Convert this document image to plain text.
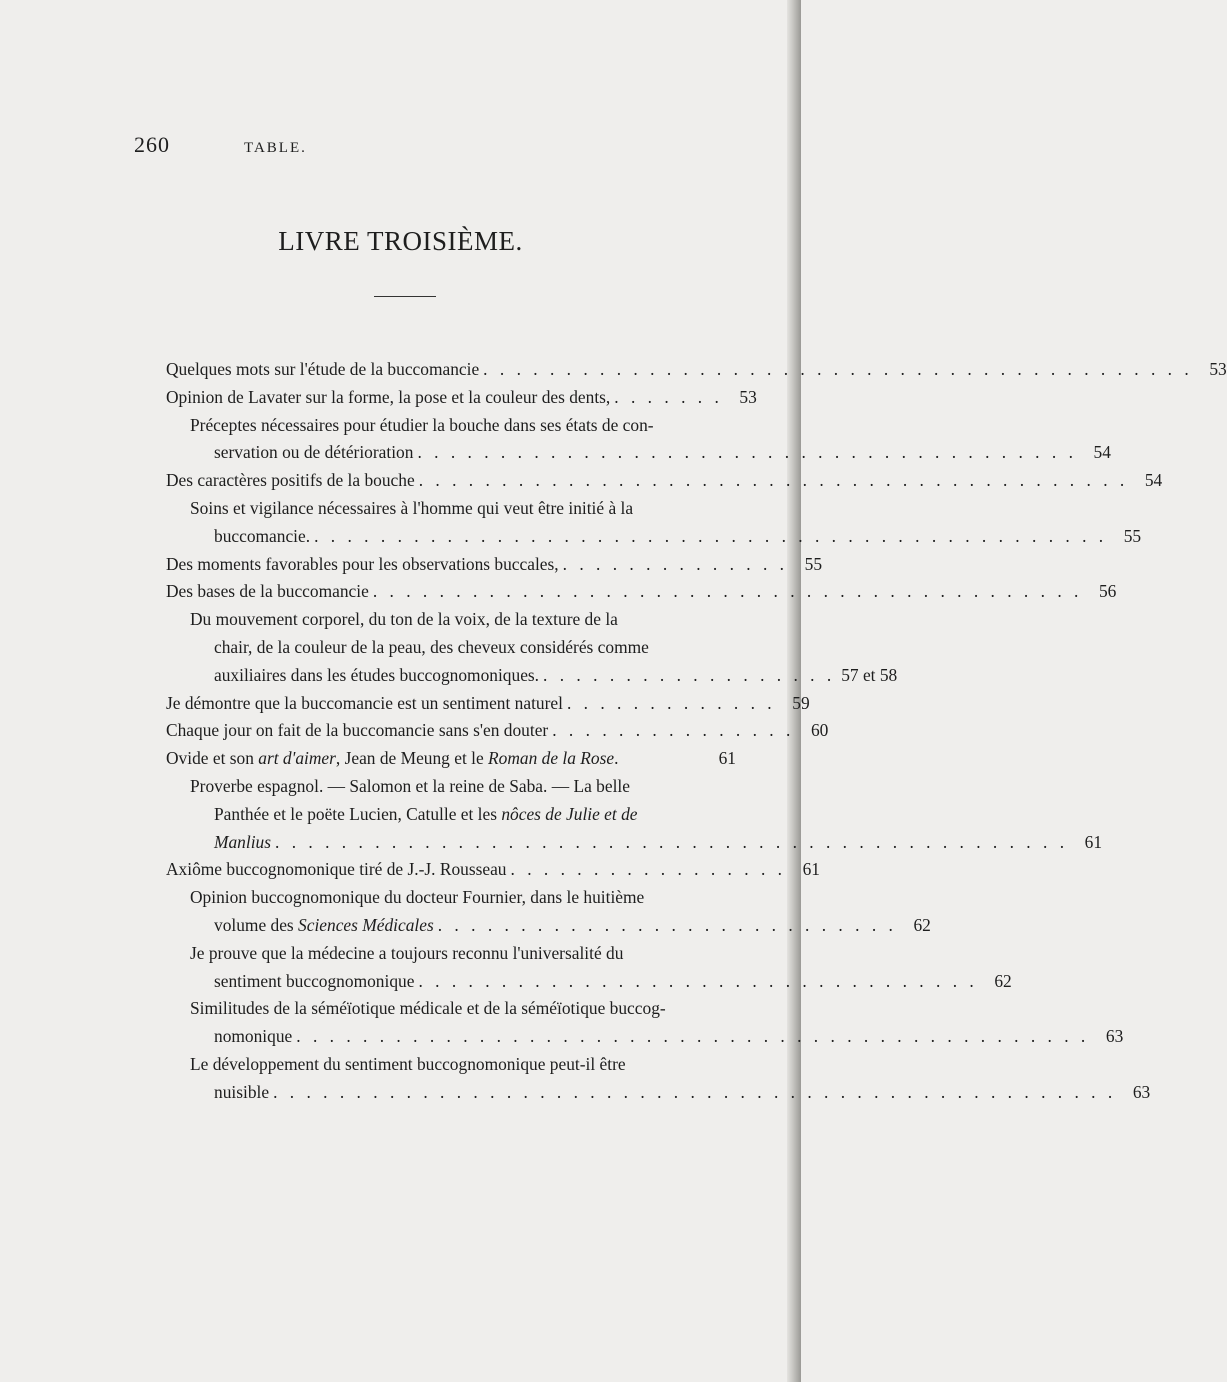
260	TABLE.
LIVRE TROISIÈME.
Quelques mots sur l'étude de la buccomancie . . . . . . . . . . . . . . . . . . . . . . . . . . . . . . . . . . . . . . . . . . . 53
Opinion de Lavater sur la forme, la pose et la couleur des dents, . . . . . . . 53
Préceptes nécessaires pour étudier la bouche dans ses états de con-
servation ou de détérioration . . . . . . . . . . . . . . . . . . . . . . . . . . . . . . . . . . . . . . . . 54
Des caractères positifs de la bouche . . . . . . . . . . . . . . . . . . . . . . . . . . . . . . . . . . . . . . . . . . . 54
Soins et vigilance nécessaires à l'homme qui veut être initié à la
buccomancie. . . . . . . . . . . . . . . . . . . . . . . . . . . . . . . . . . . . . . . . . . . . . . . . . 55
Des moments favorables pour les observations buccales, . . . . . . . . . . . . . . 55
Des bases de la buccomancie . . . . . . . . . . . . . . . . . . . . . . . . . . . . . . . . . . . . . . . . . . . 56
Du mouvement corporel, du ton de la voix, de la texture de la
chair, de la couleur de la peau, des cheveux considérés comme
auxiliaires dans les études buccognomoniques. . . . . . . . . . . . . . . . . . . 57 et 58
Je démontre que la buccomancie est un sentiment naturel . . . . . . . . . . . . . 59
Chaque jour on fait de la buccomancie sans s'en douter . . . . . . . . . . . . . . . 60
Ovide et son art d'aimer, Jean de Meung et le Roman de la Rose.	61
Proverbe espagnol. — Salomon et la reine de Saba. — La belle
Panthée et le poëte Lucien, Catulle et les nôces de Julie et de
Manlius . . . . . . . . . . . . . . . . . . . . . . . . . . . . . . . . . . . . . . . . . . . . . . . . 61
Axiôme buccognomonique tiré de J.-J. Rousseau . . . . . . . . . . . . . . . . . 61
Opinion buccognomonique du docteur Fournier, dans le huitième
volume des Sciences Médicales . . . . . . . . . . . . . . . . . . . . . . . . . . . . 62
Je prouve que la médecine a toujours reconnu l'universalité du
sentiment buccognomonique . . . . . . . . . . . . . . . . . . . . . . . . . . . . . . . . . . 62
Similitudes de la séméïotique médicale et de la séméïotique buccog-
nomonique . . . . . . . . . . . . . . . . . . . . . . . . . . . . . . . . . . . . . . . . . . . . . . . . 63
Le développement du sentiment buccognomonique peut-il être
nuisible . . . . . . . . . . . . . . . . . . . . . . . . . . . . . . . . . . . . . . . . . . . . . . . . . . . 63
